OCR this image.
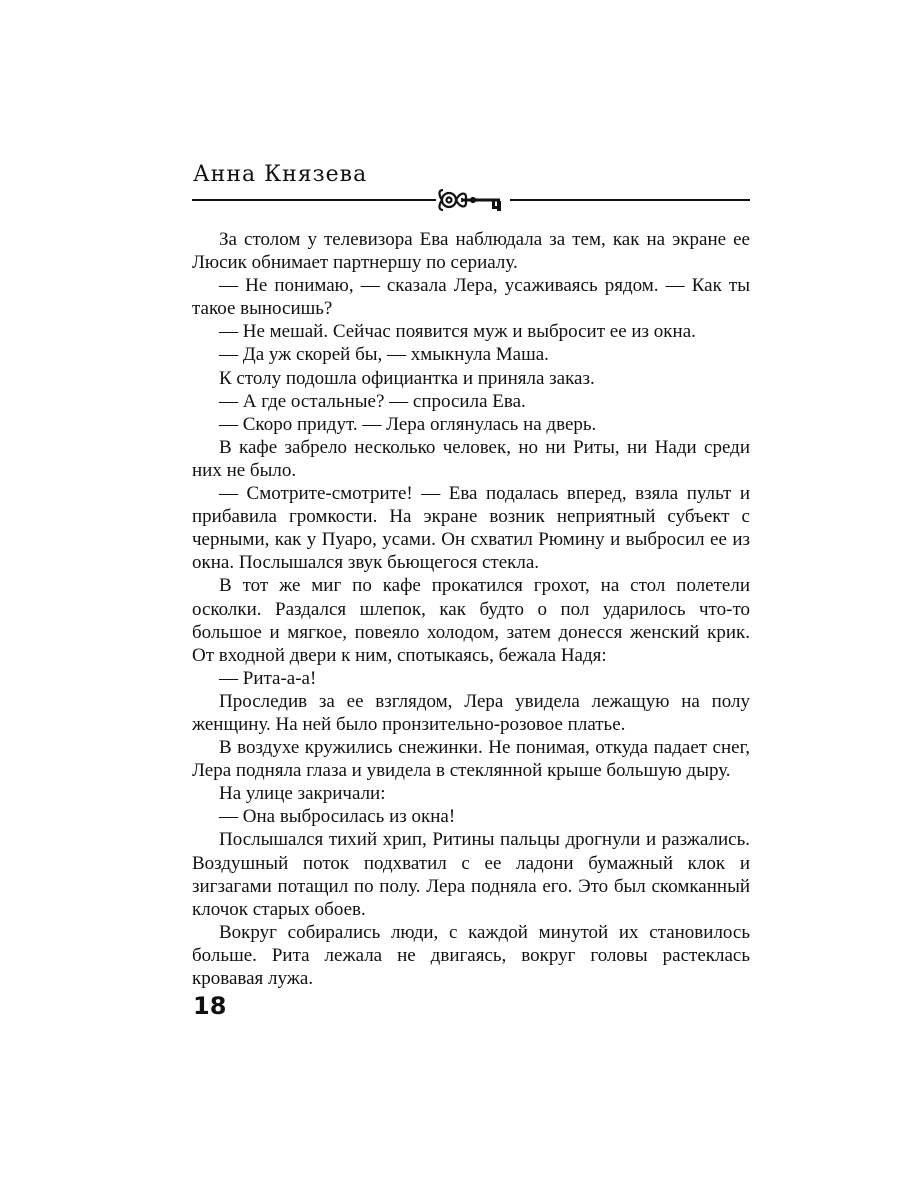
Анна Князева

За столом у телевизора Ева наблюдала за тем, как на экране ее Люсик обнимает партнершу по сериалу.

— Не понимаю, — сказала Лера, усаживаясь рядом. — Как ты такое выносишь?

— Не мешай. Сейчас появится муж и выбросит ее из окна.

— Да уж скорей бы, — хмыкнула Маша.

К столу подошла официантка и приняла заказ.

— А где остальные? — спросила Ева.

— Скоро придут. — Лера оглянулась на дверь.

В кафе забрело несколько человек, но ни Риты, ни Нади среди них не было.

— Смотрите-смотрите! — Ева подалась вперед, взяла пульт и прибавила громкости. На экране возник неприятный субъект с черными, как у Пуаро, усами. Он схватил Рюмину и выбросил ее из окна. Послышался звук бьющегося стекла.

В тот же миг по кафе прокатился грохот, на стол полетели осколки. Раздался шлепок, как будто о пол ударилось что-то большое и мягкое, повеяло холодом, затем донесся женский крик. От входной двери к ним, спотыкаясь, бежала Надя:

— Рита-а-а!

Проследив за ее взглядом, Лера увидела лежащую на полу женщину. На ней было пронзительно-розовое платье.

В воздухе кружились снежинки. Не понимая, откуда падает снег, Лера подняла глаза и увидела в стеклянной крыше большую дыру.

На улице закричали:

— Она выбросилась из окна!

Послышался тихий хрип, Ритины пальцы дрогнули и разжались. Воздушный поток подхватил с ее ладони бумажный клок и зигзагами потащил по полу. Лера подняла его. Это был скомканный клочок старых обоев.

Вокруг собирались люди, с каждой минутой их становилось больше. Рита лежала не двигаясь, вокруг головы растеклась кровавая лужа.

18
